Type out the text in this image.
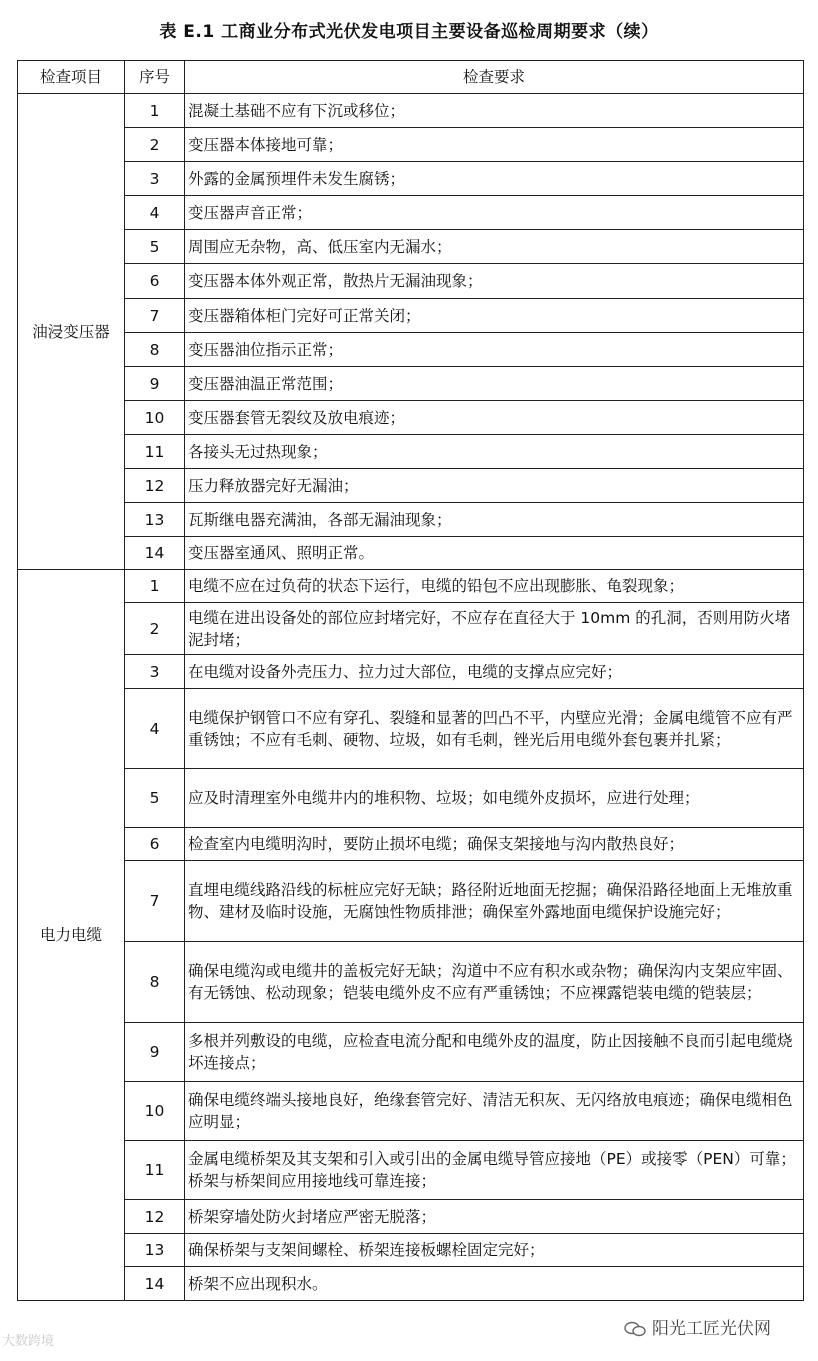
表 E.1 工商业分布式光伏发电项目主要设备巡检周期要求（续）
检查项目	序号	检查要求
油浸变压器	1	混凝土基础不应有下沉或移位；
	2	变压器本体接地可靠；
	3	外露的金属预埋件未发生腐锈；
	4	变压器声音正常；
	5	周围应无杂物，高、低压室内无漏水；
	6	变压器本体外观正常，散热片无漏油现象；
	7	变压器箱体柜门完好可正常关闭；
	8	变压器油位指示正常；
	9	变压器油温正常范围；
	10	变压器套管无裂纹及放电痕迹；
	11	各接头无过热现象；
	12	压力释放器完好无漏油；
	13	瓦斯继电器充满油，各部无漏油现象；
	14	变压器室通风、照明正常。
电力电缆	1	电缆不应在过负荷的状态下运行，电缆的铅包不应出现膨胀、龟裂现象；
	2	电缆在进出设备处的部位应封堵完好，不应存在直径大于 10mm 的孔洞，否则用防火堵泥封堵；
	3	在电缆对设备外壳压力、拉力过大部位，电缆的支撑点应完好；
	4	电缆保护钢管口不应有穿孔、裂缝和显著的凹凸不平，内壁应光滑；金属电缆管不应有严重锈蚀；不应有毛刺、硬物、垃圾，如有毛刺，锉光后用电缆外套包裹并扎紧；
	5	应及时清理室外电缆井内的堆积物、垃圾；如电缆外皮损坏，应进行处理；
	6	检查室内电缆明沟时，要防止损坏电缆；确保支架接地与沟内散热良好；
	7	直埋电缆线路沿线的标桩应完好无缺；路径附近地面无挖掘；确保沿路径地面上无堆放重物、建材及临时设施，无腐蚀性物质排泄；确保室外露地面电缆保护设施完好；
	8	确保电缆沟或电缆井的盖板完好无缺；沟道中不应有积水或杂物；确保沟内支架应牢固、有无锈蚀、松动现象；铠装电缆外皮不应有严重锈蚀；不应裸露铠装电缆的铠装层；
	9	多根并列敷设的电缆，应检查电流分配和电缆外皮的温度，防止因接触不良而引起电缆烧坏连接点；
	10	确保电缆终端头接地良好，绝缘套管完好、清洁无积灰、无闪络放电痕迹；确保电缆相色应明显；
	11	金属电缆桥架及其支架和引入或引出的金属电缆导管应接地（PE）或接零（PEN）可靠；桥架与桥架间应用接地线可靠连接；
	12	桥架穿墙处防火封堵应严密无脱落；
	13	确保桥架与支架间螺栓、桥架连接板螺栓固定完好；
	14	桥架不应出现积水。
大数跨境
阳光工匠光伏网
